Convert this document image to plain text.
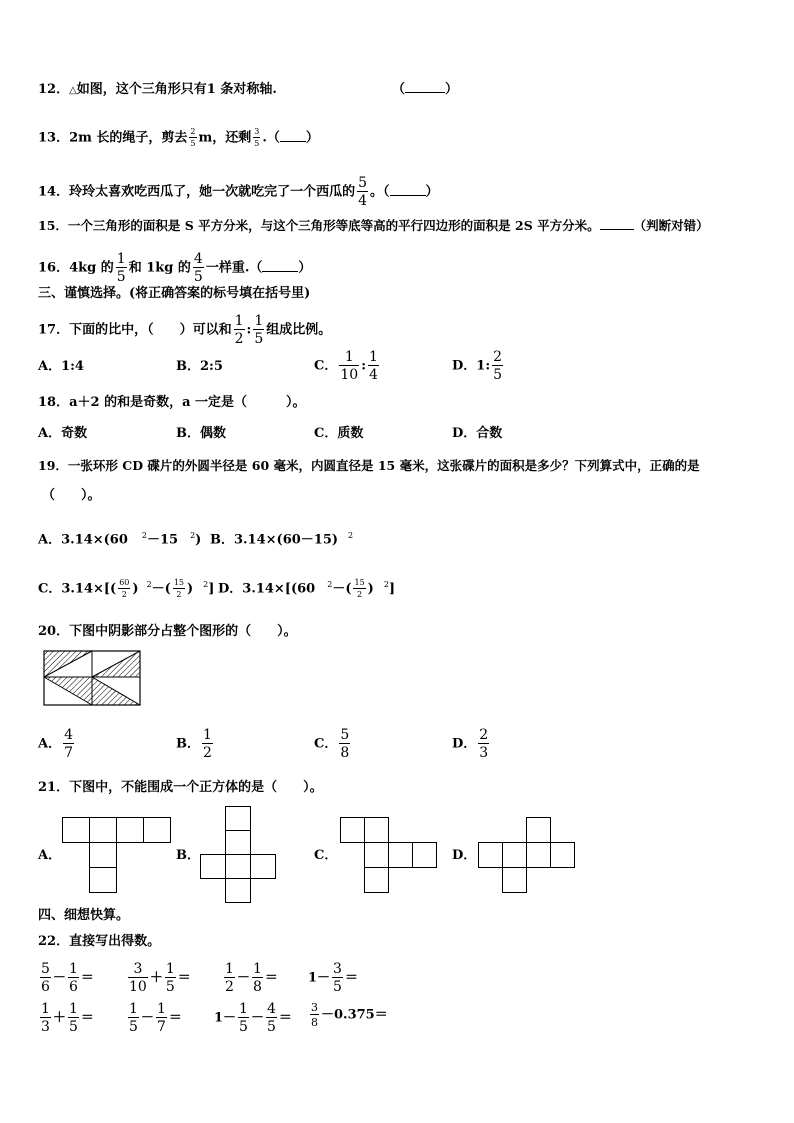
12．△如图，这个三角形只有1 条对称轴.	（	）
13．2m 长的绳子，剪去 $\frac{2}{5}$ m，还剩 $\frac{3}{5}$ .（ ）
14．玲玲太喜欢吃西瓜了，她一次就吃完了一个西瓜的 $\frac{5}{4}$ 。（	）
15．一个三角形的面积是 S 平方分米，与这个三角形等底等高的平行四边形的面积是 2S 平方分米。	（判断对错）
16．4kg 的 $\frac{1}{5}$ 和 1kg 的 $\frac{4}{5}$ 一样重.（	）
三、谨慎选择。(将正确答案的标号填在括号里)
17．下面的比中，（　　）可以和 $\frac{1}{2}$ : $\frac{1}{5}$ 组成比例。
A．1:4	B．2:5	C． $\frac{1}{10}$ : $\frac{1}{4}$	D．1: $\frac{2}{5}$
18．a＋2 的和是奇数，a 一定是（　　　）。
A．奇数	B．偶数	C．质数	D．合数
19．一张环形 CD 碟片的外圆半径是 60 毫米，内圆直径是 15 毫米，这张碟片的面积是多少？下列算式中，正确的是
（　　）。
A．3.14×(60 $^2$－15 $^2$) B．3.14×(60－15) $^2$
C．$3.14\times[( \frac{60}{2}$ ) $^2-( \frac{15}{2}$ ) $^2$] D．3.14×[(60 $^2-( \frac{15}{2}$ ) $^2$]
20．下图中阴影部分占整个图形的（　　）。
A． $\frac{4}{7}$	B． $\frac{1}{2}$	C． $\frac{5}{8}$	D． $\frac{2}{3}$
21．下图中，不能围成一个正方体的是（　　）。
A．	B．	C．	D．
四、细想快算。
22．直接写出得数。
$\frac{5}{6} - \frac{1}{6} = \frac{3}{10} + \frac{1}{5} = \frac{1}{2} - \frac{1}{8} = 1- \frac{3}{5}$ ＝
$\frac{1}{3} + \frac{1}{5} = \frac{1}{5} - \frac{1}{7} = 1- \frac{1}{5} - \frac{4}{5} = \frac{3}{8} -0.375=$
